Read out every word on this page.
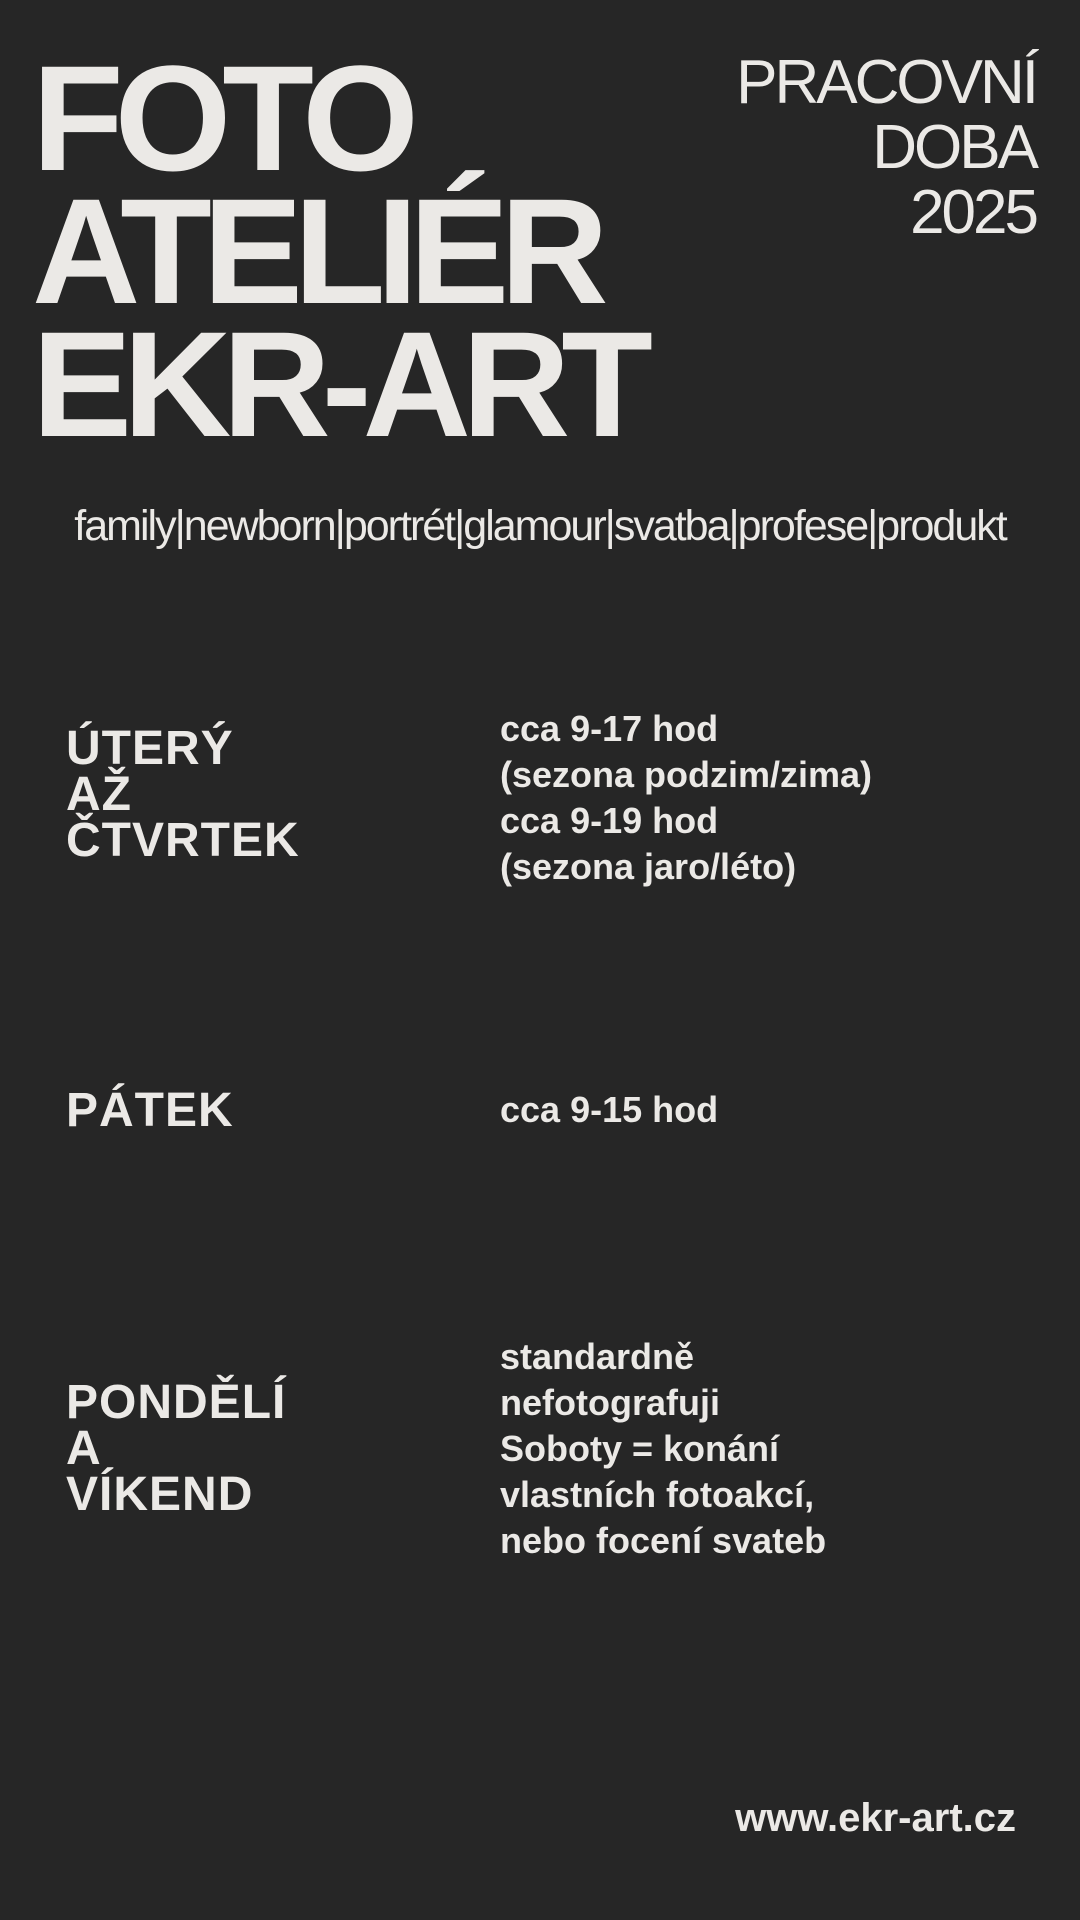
FOTO
ATELIÉR
EKR-ART
PRACOVNÍ
DOBA
2025
family|newborn|portrét|glamour|svatba|profese|produkt
ÚTERÝ
AŽ
ČTVRTEK
cca 9-17 hod
(sezona podzim/zima)
cca 9-19 hod
(sezona jaro/léto)
PÁTEK	cca 9-15 hod
PONDĚLÍ
A
VÍKEND
standardně
nefotografuji
Soboty = konání
vlastních fotoakcí,
nebo focení svateb
www.ekr-art.cz
